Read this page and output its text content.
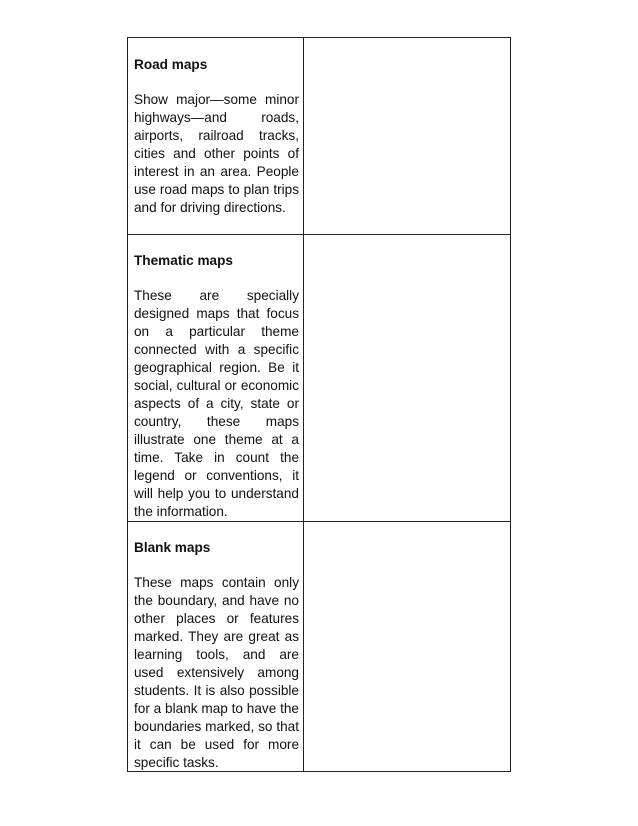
Road maps

Show major—some minor
highways—and roads,
airports, railroad tracks,
cities and other points of
interest in an area. People
use road maps to plan trips
and for driving directions.

Thematic maps

These are specially
designed maps that focus
on a particular theme
connected with a specific
geographical region. Be it
social, cultural or economic
aspects of a city, state or
country, these maps
illustrate one theme at a
time. Take in count the
legend or conventions, it
will help you to understand
the information.

Blank maps

These maps contain only
the boundary, and have no
other places or features
marked. They are great as
learning tools, and are
used extensively among
students. It is also possible
for a blank map to have the
boundaries marked, so that
it can be used for more
specific tasks.
